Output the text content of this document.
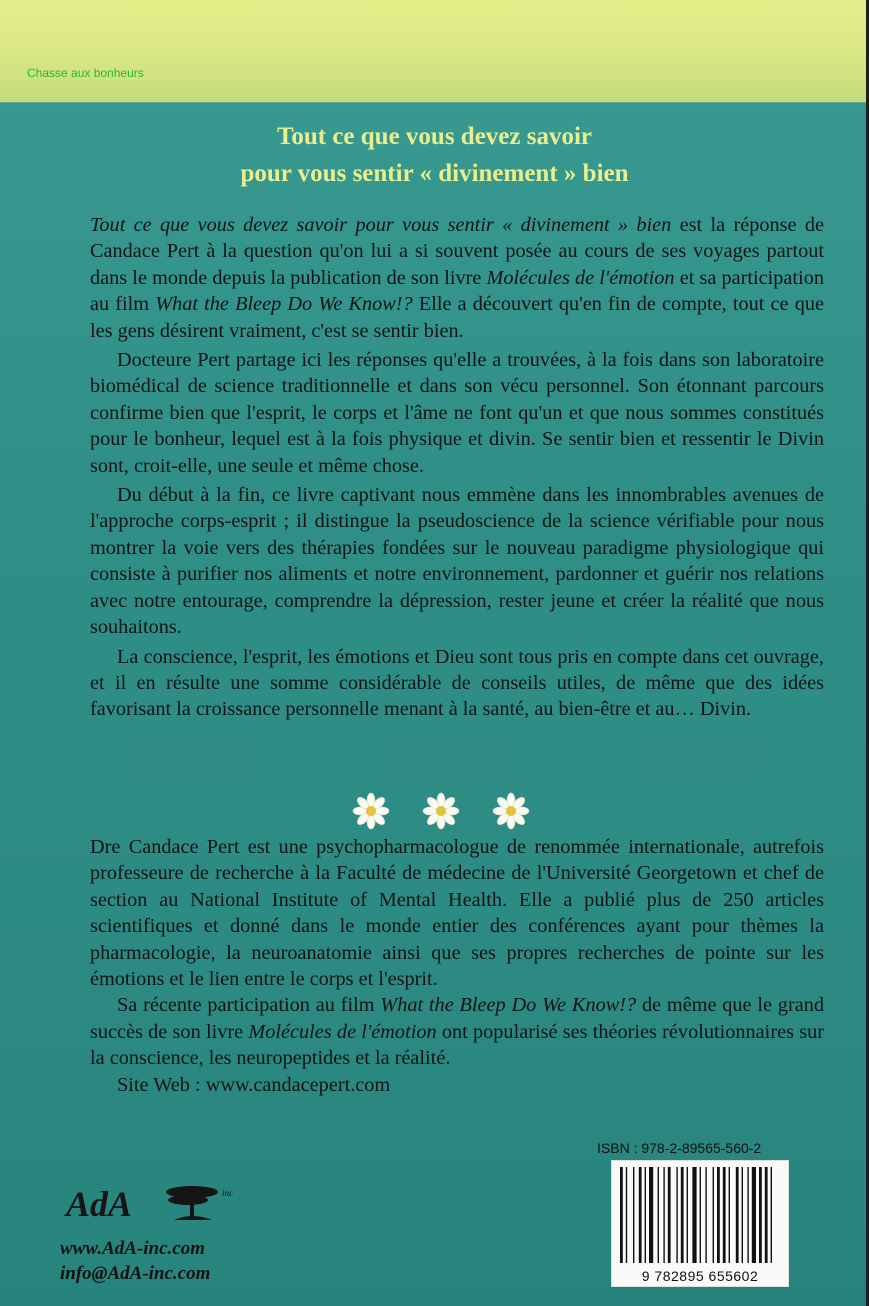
Chasse aux bonheurs
Tout ce que vous devez savoir
pour vous sentir « divinement » bien

Tout ce que vous devez savoir pour vous sentir « divinement » bien est la réponse de Candace Pert à la question qu'on lui a si souvent posée au cours de ses voyages partout dans le monde depuis la publication de son livre Molécules de l'émotion et sa participation au film What the Bleep Do We Know!? Elle a découvert qu'en fin de compte, tout ce que les gens désirent vraiment, c'est se sentir bien.

Docteure Pert partage ici les réponses qu'elle a trouvées, à la fois dans son laboratoire biomédical de science traditionnelle et dans son vécu personnel. Son étonnant parcours confirme bien que l'esprit, le corps et l'âme ne font qu'un et que nous sommes constitués pour le bonheur, lequel est à la fois physique et divin. Se sentir bien et ressentir le Divin sont, croit-elle, une seule et même chose.

Du début à la fin, ce livre captivant nous emmène dans les innombrables avenues de l'approche corps-esprit ; il distingue la pseudoscience de la science vérifiable pour nous montrer la voie vers des thérapies fondées sur le nouveau paradigme physiologique qui consiste à purifier nos aliments et notre environnement, pardonner et guérir nos relations avec notre entourage, comprendre la dépression, rester jeune et créer la réalité que nous souhaitons.

La conscience, l'esprit, les émotions et Dieu sont tous pris en compte dans cet ouvrage, et il en résulte une somme considérable de conseils utiles, de même que des idées favorisant la croissance personnelle menant à la santé, au bien-être et au… Divin.

Dre Candace Pert est une psychopharmacologue de renommée internationale, autrefois professeure de recherche à la Faculté de médecine de l'Université Georgetown et chef de section au National Institute of Mental Health. Elle a publié plus de 250 articles scientifiques et donné dans le monde entier des conférences ayant pour thèmes la pharmacologie, la neuroanatomie ainsi que ses propres recherches de pointe sur les émotions et le lien entre le corps et l'esprit.

Sa récente participation au film What the Bleep Do We Know!? de même que le grand succès de son livre Molécules de l'émotion ont popularisé ses théories révolutionnaires sur la conscience, les neuropeptides et la réalité.

Site Web : www.candacepert.com

AdA	inc
www.AdA-inc.com
info@AdA-inc.com
ISBN : 978-2-89565-560-2
9 782895 655602
